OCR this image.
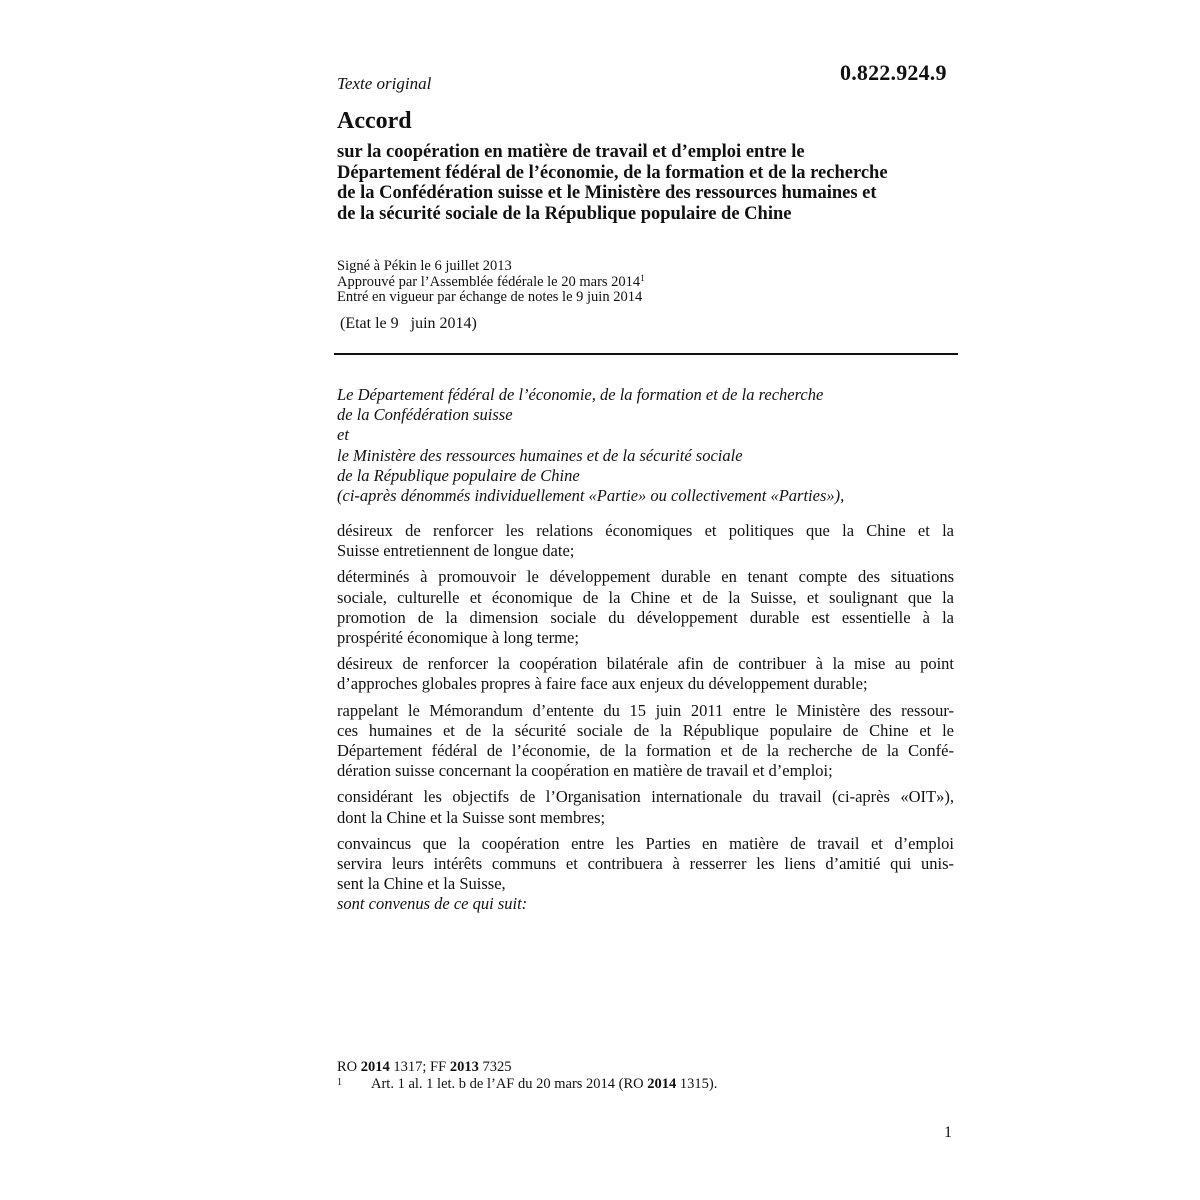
Texte original	0.822.924.9
Accord
sur la coopération en matière de travail et d’emploi entre le
Département fédéral de l’économie, de la formation et de la recherche
de la Confédération suisse et le Ministère des ressources humaines et
de la sécurité sociale de la République populaire de Chine
Signé à Pékin le 6 juillet 2013
Approuvé par l’Assemblée fédérale le 20 mars 2014$^1$
Entré en vigueur par échange de notes le 9 juin 2014
(Etat le 9   juin 2014)
Le Département fédéral de l’économie, de la formation et de la recherche
de la Confédération suisse
et
le Ministère des ressources humaines et de la sécurité sociale
de la République populaire de Chine
(ci-après dénommés individuellement «Partie» ou collectivement «Parties»),

désireux de renforcer les relations économiques et politiques que la Chine et la
Suisse entretiennent de longue date;

déterminés à promouvoir le développement durable en tenant compte des situations
sociale, culturelle et économique de la Chine et de la Suisse, et soulignant que la
promotion de la dimension sociale du développement durable est essentielle à la
prospérité économique à long terme;

désireux de renforcer la coopération bilatérale afin de contribuer à la mise au point
d’approches globales propres à faire face aux enjeux du développement durable;

rappelant le Mémorandum d’entente du 15 juin 2011 entre le Ministère des ressour-
ces humaines et de la sécurité sociale de la République populaire de Chine et le
Département fédéral de l’économie, de la formation et de la recherche de la Confé-
dération suisse concernant la coopération en matière de travail et d’emploi;

considérant les objectifs de l’Organisation internationale du travail (ci-après «OIT»),
dont la Chine et la Suisse sont membres;

convaincus que la coopération entre les Parties en matière de travail et d’emploi
servira leurs intérêts communs et contribuera à resserrer les liens d’amitié qui unis-
sent la Chine et la Suisse,

sont convenus de ce qui suit:

RO 2014 1317; FF 2013 7325
1	Art. 1 al. 1 let. b de l’AF du 20 mars 2014 (RO 2014 1315).
1
